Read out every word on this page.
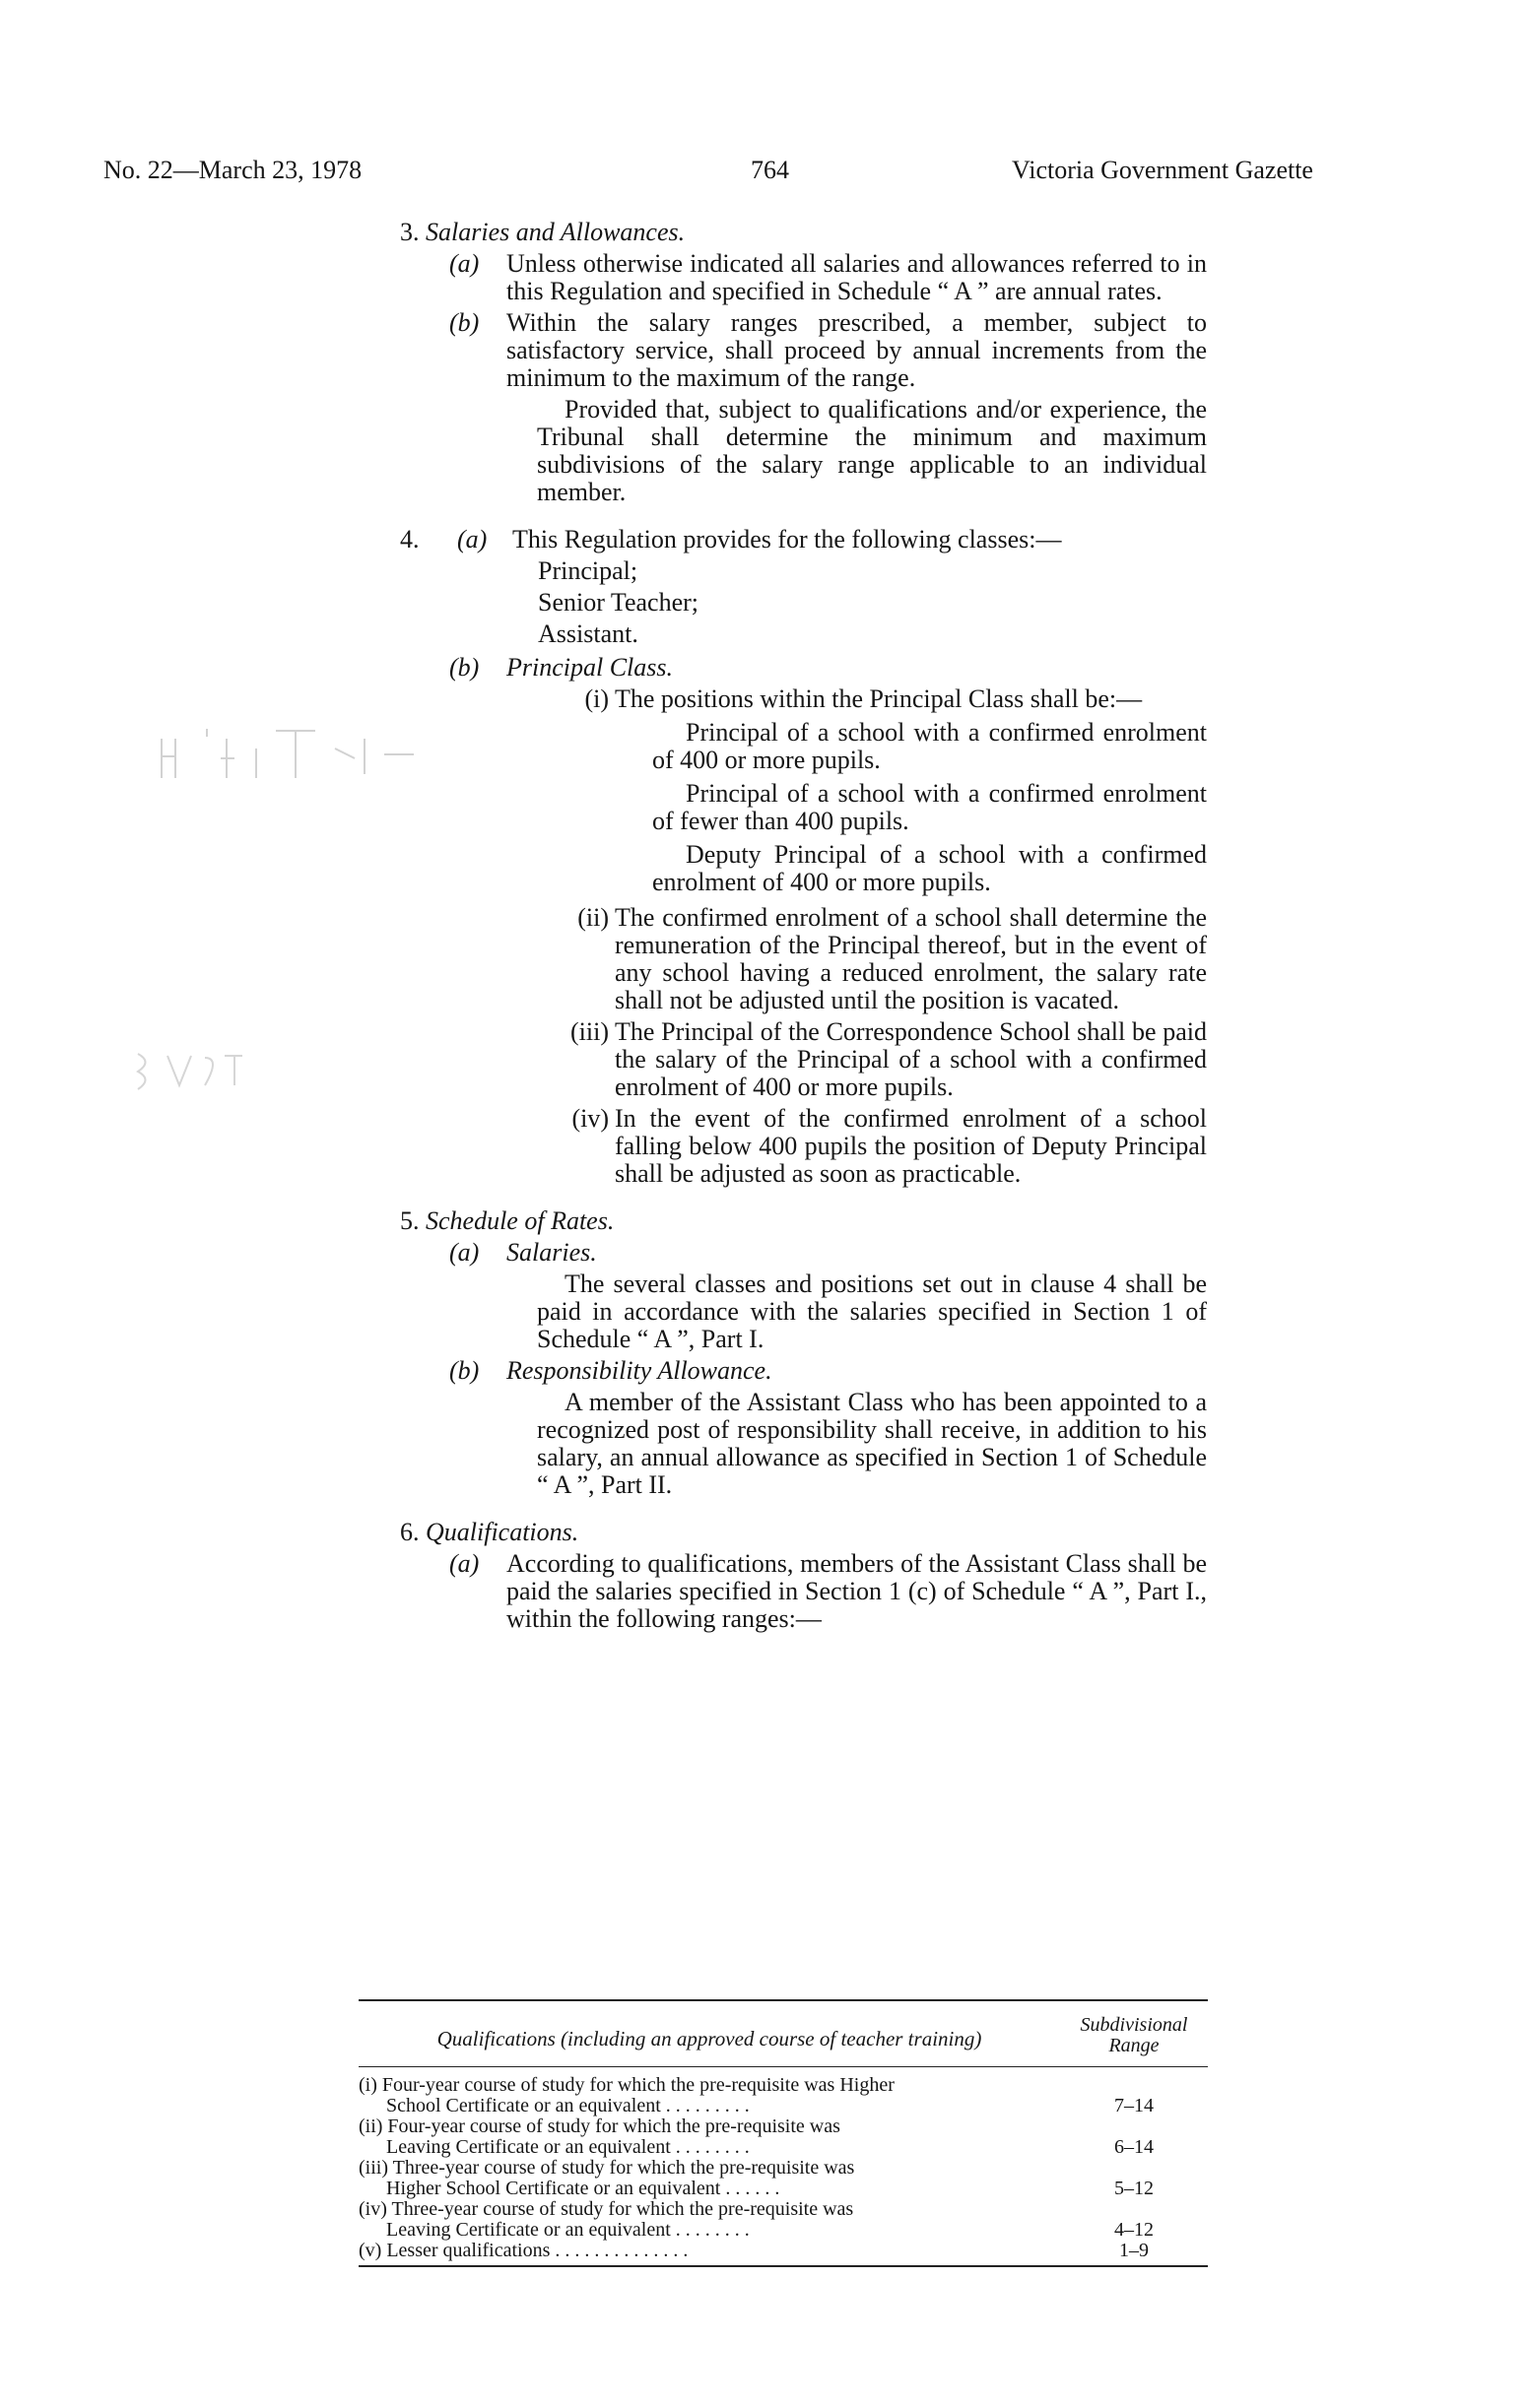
No. 22—March 23, 1978	764	Victoria Government Gazette
3. Salaries and Allowances.
(a)	Unless otherwise indicated all salaries and allowances referred to in this Regulation and specified in Schedule “ A ” are annual rates.
(b)	Within the salary ranges prescribed, a member, subject to satisfactory service, shall proceed by annual increments from the minimum to the maximum of the range.
Provided that, subject to qualifications and/or experience, the Tribunal shall determine the minimum and maximum subdivisions of the salary range applicable to an individual member.
4.	(a) This Regulation provides for the following classes:—
Principal;
Senior Teacher;
Assistant.
(b)	Principal Class.
(i) The positions within the Principal Class shall be:—
Principal of a school with a confirmed enrolment of 400 or more pupils.
Principal of a school with a confirmed enrolment of fewer than 400 pupils.
Deputy Principal of a school with a confirmed enrolment of 400 or more pupils.
(ii) The confirmed enrolment of a school shall determine the remuneration of the Principal thereof, but in the event of any school having a reduced enrolment, the salary rate shall not be adjusted until the position is vacated.
(iii) The Principal of the Correspondence School shall be paid the salary of the Principal of a school with a confirmed enrolment of 400 or more pupils.
(iv) In the event of the confirmed enrolment of a school falling below 400 pupils the position of Deputy Principal shall be adjusted as soon as practicable.
5. Schedule of Rates.
(a)	Salaries.
The several classes and positions set out in clause 4 shall be paid in accordance with the salaries specified in Section 1 of Schedule “ A ”, Part I.
(b)	Responsibility Allowance.
A member of the Assistant Class who has been appointed to a recognized post of responsibility shall receive, in addition to his salary, an annual allowance as specified in Section 1 of Schedule “ A ”, Part II.
6. Qualifications.
(a)	According to qualifications, members of the Assistant Class shall be paid the salaries specified in Section 1 (c) of Schedule “ A ”, Part I., within the following ranges:—
Qualifications (including an approved course of teacher training)
Subdivisional
Range
(i) Four-year course of study for which the pre-requisite was Higher
School Certificate or an equivalent . . . . . . . . .	7–14
(ii) Four-year course of study for which the pre-requisite was
Leaving Certificate or an equivalent . . . . . . . .	6–14
(iii) Three-year course of study for which the pre-requisite was
Higher School Certificate or an equivalent . . . . . .	5–12
(iv) Three-year course of study for which the pre-requisite was
Leaving Certificate or an equivalent . . . . . . . .	4–12
(v) Lesser qualifications . . . . . . . . . . . . . .	1–9
